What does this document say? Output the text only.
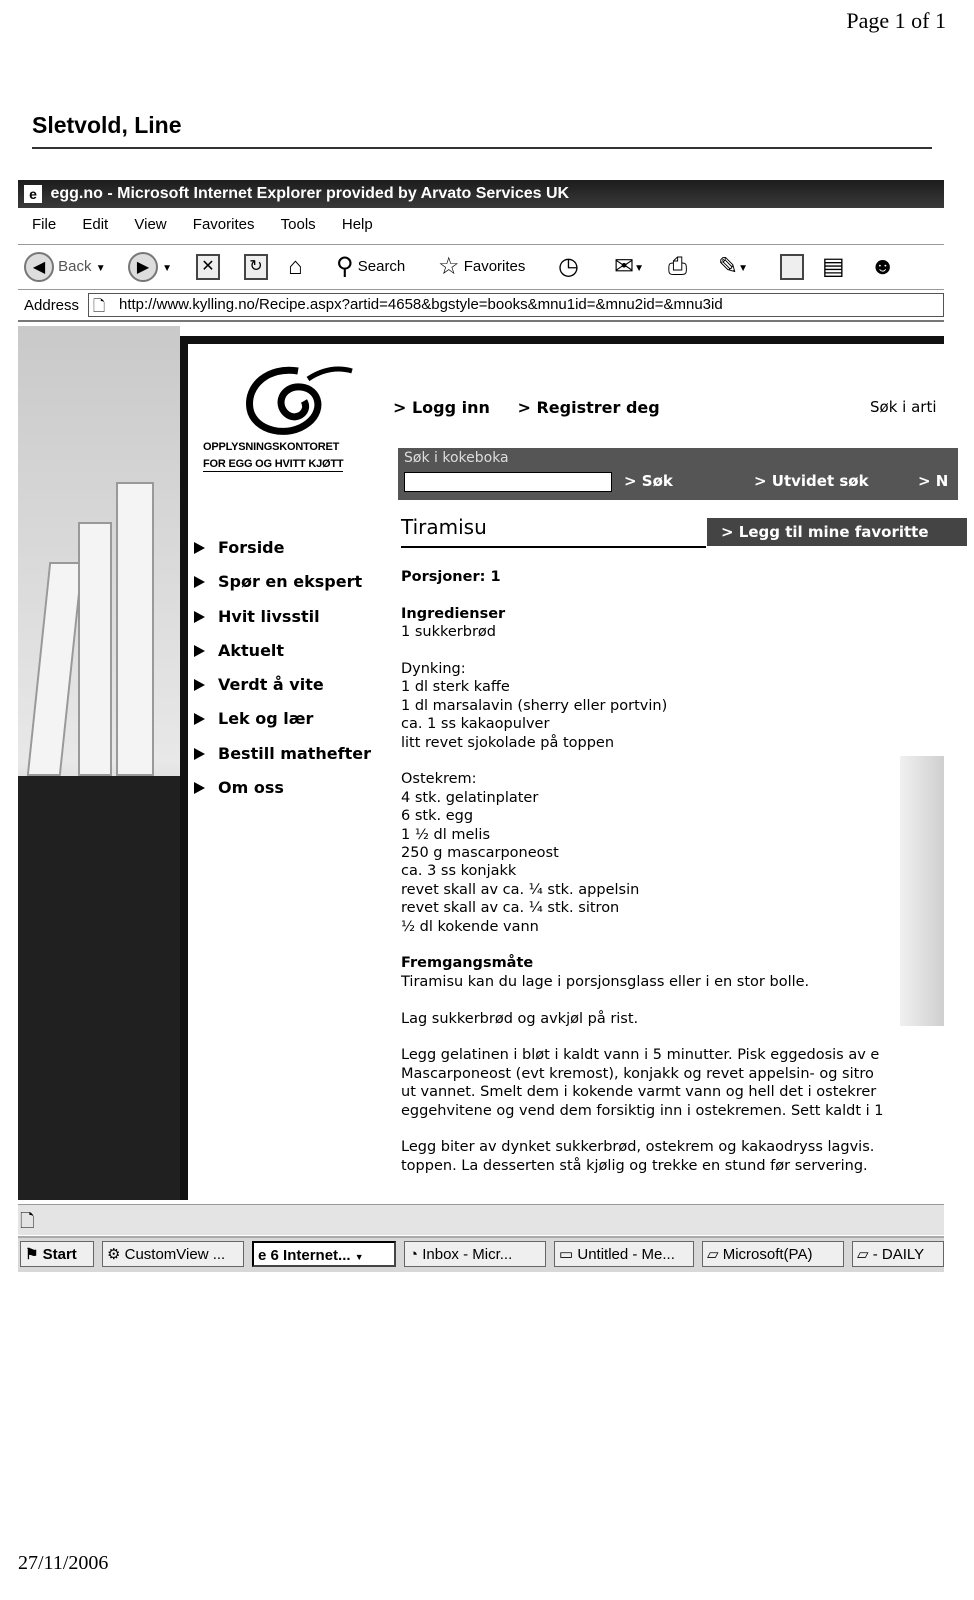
Page 1 of 1
Sletvold, Line
e egg.no - Microsoft Internet Explorer provided by Arvato Services UK
File Edit View Favorites Tools Help
◀ Back ▼	▶ ▼	✕	↻ ⌂ ⚲ Search ☆ Favorites ◷ ✉▼ ⎙ ✎▼	▤ ☻
Address 🗋 http://www.kylling.no/Recipe.aspx?artid=4658&bgstyle=books&mnu1id=&mnu2id=&mnu3id
OPPLYSNINGSKONTORET
FOR EGG OG HVITT KJØTT
> Logg inn > Registrer deg	Søk i arti
Søk i kokeboka
> Søk	> Utvidet søk	> N
Forside
Spør en ekspert
Hvit livsstil
Aktuelt
Verdt å vite
Lek og lær
Bestill mathefter
Om oss
Tiramisu	> Legg til mine favoritte
Porsjoner: 1
Ingredienser
1 sukkerbrød
Dynking:
1 dl sterk kaffe
1 dl marsalavin (sherry eller portvin)
ca. 1 ss kakaopulver
litt revet sjokolade på toppen
Ostekrem:
4 stk. gelatinplater
6 stk. egg
1 ½ dl melis
250 g mascarponeost
ca. 3 ss konjakk
revet skall av ca. ¼ stk. appelsin
revet skall av ca. ¼ stk. sitron
½ dl kokende vann
Fremgangsmåte
Tiramisu kan du lage i porsjonsglass eller i en stor bolle.
Lag sukkerbrød og avkjøl på rist.
Legg gelatinen i bløt i kaldt vann i 5 minutter. Pisk eggedosis av e
Mascarponeost (evt kremost), konjakk og revet appelsin- og sitro
ut vannet. Smelt dem i kokende varmt vann og hell det i ostekrer
eggehvitene og vend dem forsiktig inn i ostekremen. Sett kaldt i 1
Legg biter av dynket sukkerbrød, ostekrem og kakaodryss lagvis.
toppen. La desserten stå kjølig og trekke en stund før servering.
🗋
⚑ Start	⚙ CustomView ...	e 6 Internet... ▼	◔ Inbox - Micr...	▭ Untitled - Me...	▱ Microsoft(PA)	▱ - DAILY
27/11/2006
